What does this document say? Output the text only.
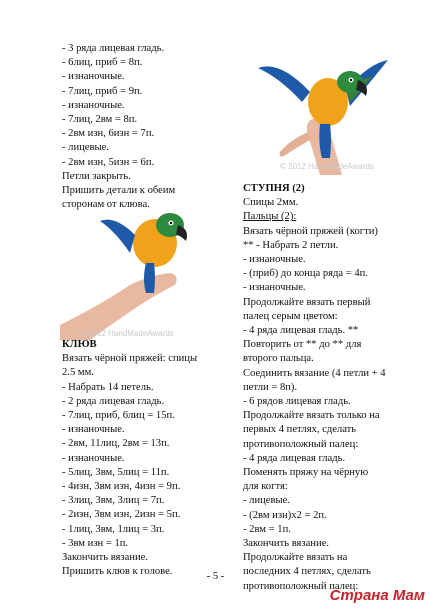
- 3 ряда лицевая гладь.
- 6лиц, приб = 8п.
- изнаночные.
- 7лиц, приб = 9п.
- изнаночные.
- 7лиц, 2вм = 8п.
- 2вм изн, 6изн = 7п.
- лицевые.
- 2вм изн, 5изн = 6п.
Петли закрыть.
Пришить детали к обеим
сторонам от клюва.
© 2012 HandMadeAwards
© 2012 HandMadeAwards
КЛЮВ
Вязать чёрной пряжей: спицы
2.5 мм.
- Набрать 14 петель.
- 2 ряда лицевая гладь.
- 7лиц, приб, 6лиц = 15п.
- изнаночные.
- 2вм, 11лиц, 2вм = 13п.
- изнаночные.
- 5лиц, 3вм, 5лиц = 11п.
- 4изн, 3вм изн, 4изн = 9п.
- 3лиц, 3вм, 3лиц = 7п.
- 2изн, 3вм изн, 2изн = 5п.
- 1лиц, 3вм, 1лиц = 3п.
- 3вм изн = 1п.
Закончить вязание.
Пришить клюв к голове.
СТУПНЯ (2)
Спицы 2мм.
Пальцы (2):
Вязать чёрной пряжей (когти)
** - Набрать 2 петли.
- изнаночные.
- (приб) до конца ряда = 4п.
- изнаночные.
Продолжайте вязать первый
палец серым цветом:
- 4 ряда лицевая гладь. **
Повторить от ** до ** для
второго пальца.
Соединить вязание (4 петли + 4
петли = 8п).
- 6 рядов лицевая гладь.
Продолжайте вязать только на
первых 4 петлях, сделать
противоположный палец:
- 4 ряда лицевая гладь.
Поменять пряжу на чёрную
для когтя:
- лицевые.
- (2вм изн)x2 = 2п.
- 2вм = 1п.
Закончить вязание.
Продолжайте вязать на
последних 4 петлях, сделать
противоположный палец:
- 5 -
Страна Мам
